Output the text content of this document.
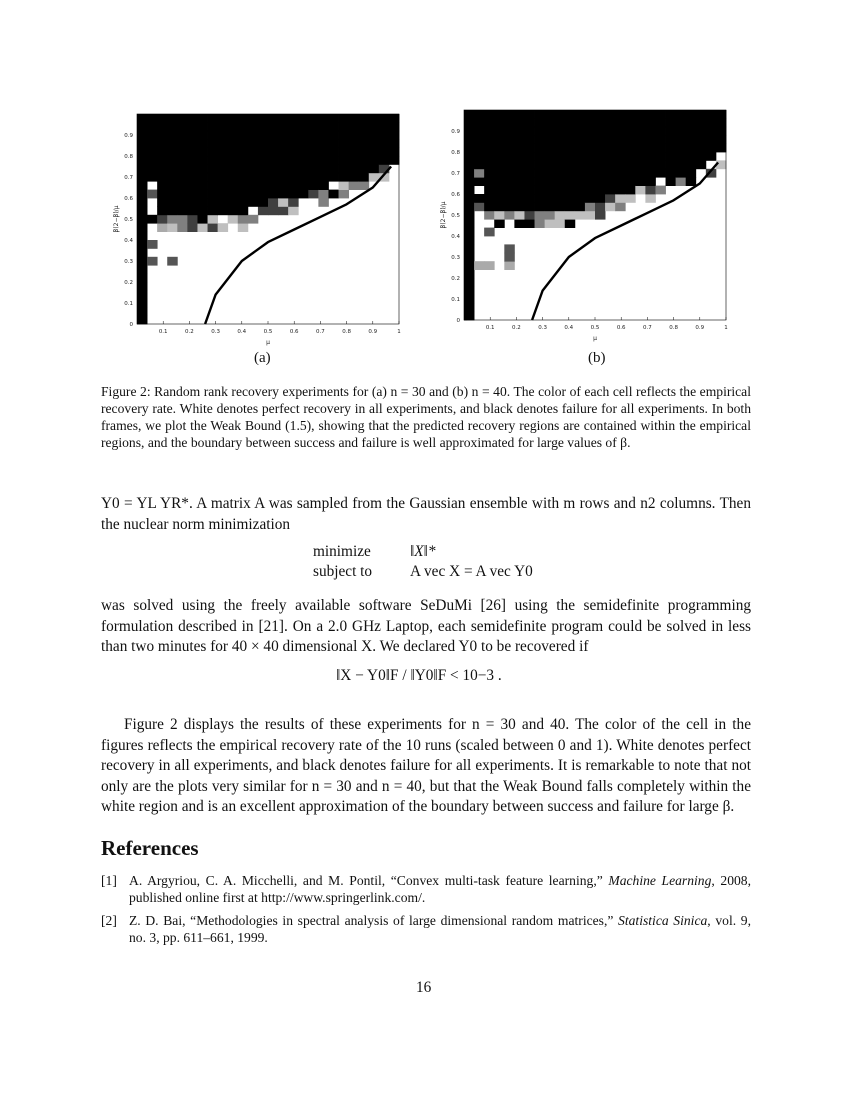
0.1	0.2	0.3	0.4	0.5	0.6	0.7	0.8	0.9	1
0
0.1
0.2
0.3
0.4
0.5
0.6
0.7
0.8
0.9
μ
β(2−β)/μ
(a)
0.1	0.2	0.3	0.4	0.5	0.6	0.7	0.8	0.9	1
0
0.1
0.2
0.3
0.4
0.5
0.6
0.7
0.8
0.9
μ
β(2−β)/μ
(b)
Figure 2: Random rank recovery experiments for (a) n = 30 and (b) n = 40. The color of each cell reflects the empirical recovery rate. White denotes perfect recovery in all experiments, and black denotes failure for all experiments. In both frames, we plot the Weak Bound (1.5), showing that the predicted recovery regions are contained within the empirical regions, and the boundary between success and failure is well approximated for large values of β.
Y0 = YL YR*. A matrix A was sampled from the Gaussian ensemble with m rows and n2 columns. Then the nuclear norm minimization
minimize	‖X‖*
subject to A vec X = A vec Y0
was solved using the freely available software SeDuMi [26] using the semidefinite programming formulation described in [21]. On a 2.0 GHz Laptop, each semidefinite program could be solved in less than two minutes for 40 × 40 dimensional X. We declared Y0 to be recovered if
‖X − Y0‖F / ‖Y0‖F < 10−3 .
Figure 2 displays the results of these experiments for n = 30 and 40. The color of the cell in the figures reflects the empirical recovery rate of the 10 runs (scaled between 0 and 1). White denotes perfect recovery in all experiments, and black denotes failure for all experiments. It is remarkable to note that not only are the plots very similar for n = 30 and n = 40, but that the Weak Bound falls completely within the white region and is an excellent approximation of the boundary between success and failure for large β.
References
[1] A. Argyriou, C. A. Micchelli, and M. Pontil, “Convex multi-task feature learning,” Machine Learning, 2008, published online first at http://www.springerlink.com/.
[2] Z. D. Bai, “Methodologies in spectral analysis of large dimensional random matrices,” Statistica Sinica, vol. 9, no. 3, pp. 611–661, 1999.
16
